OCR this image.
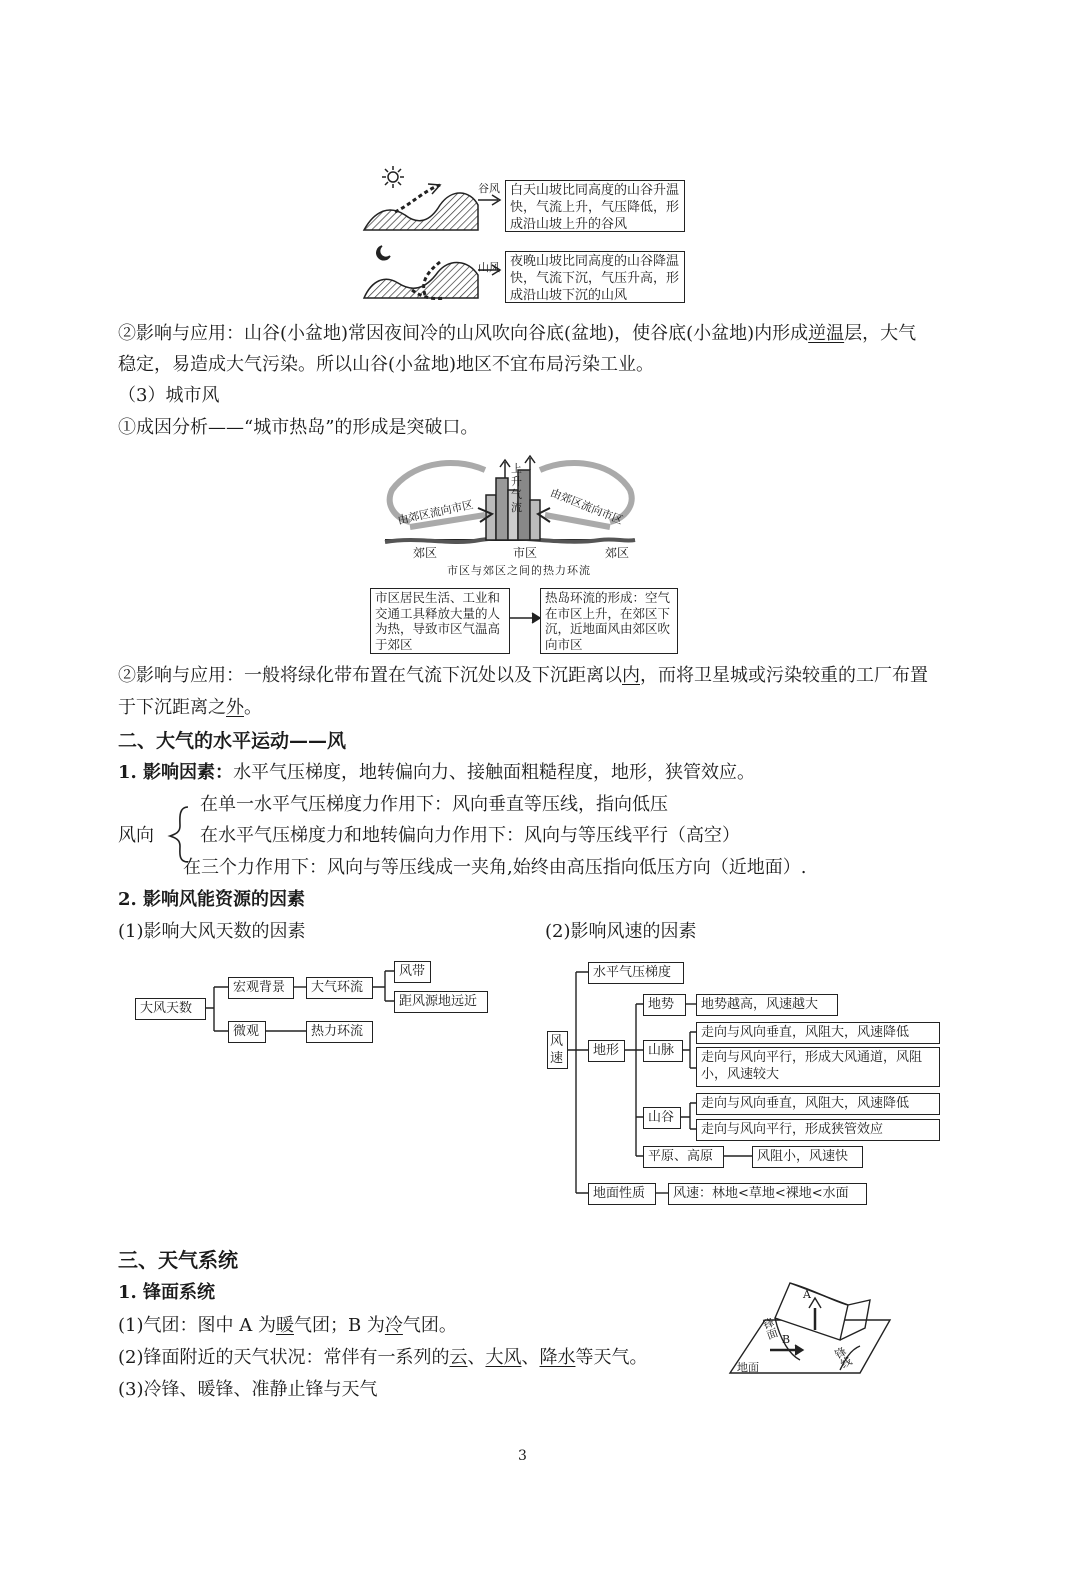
谷风 白天山坡比同高度的山谷升温快，气流上升，气压降低，形成沿山坡上升的谷风
山风 夜晚山坡比同高度的山谷降温快，气流下沉，气压升高，形成沿山坡下沉的山风
②影响与应用：山谷(小盆地)常因夜间冷的山风吹向谷底(盆地)，使谷底(小盆地)内形成逆温层，大气
稳定，易造成大气污染。所以山谷(小盆地)地区不宜布局污染工业。
（3）城市风
①成因分析——“城市热岛”的形成是突破口。
上升气流
由郊区流向市区	由郊区流向市区
郊区	市区	郊区
市区与郊区之间的热力环流
市区居民生活、工业和交通工具释放大量的人为热，导致市区气温高于郊区
热岛环流的形成：空气在市区上升，在郊区下沉，近地面风由郊区吹向市区
②影响与应用：一般将绿化带布置在气流下沉处以及下沉距离以内，而将卫星城或污染较重的工厂布置
于下沉距离之外。
二、大气的水平运动——风
1. 影响因素：水平气压梯度，地转偏向力、接触面粗糙程度，地形，狭管效应。
风向
在单一水平气压梯度力作用下：风向垂直等压线，指向低压
在水平气压梯度力和地转偏向力作用下：风向与等压线平行（高空）
在三个力作用下：风向与等压线成一夹角,始终由高压指向低压方向（近地面）.
2. 影响风能资源的因素
(1)影响大风天数的因素	(2)影响风速的因素
大风天数
宏观背景	大气环流
风带
距风源地远近
微观	热力环流
风速
水平气压梯度
地形
地势	地势越高，风速越大
山脉
走向与风向垂直，风阻大，风速降低
走向与风向平行，形成大风通道，风阻小，风速较大
山谷
走向与风向垂直，风阻大，风速降低
走向与风向平行，形成狭管效应
平原、高原	风阻小，风速快
地面性质	风速：林地<草地<裸地<水面
三、天气系统
1. 锋面系统
(1)气团：图中 A 为暖气团；B 为冷气团。
(2)锋面附近的天气状况：常伴有一系列的云、大风、降水等天气。
(3)冷锋、暖锋、准静止锋与天气
A
B
地面
锋面
锋线
3
